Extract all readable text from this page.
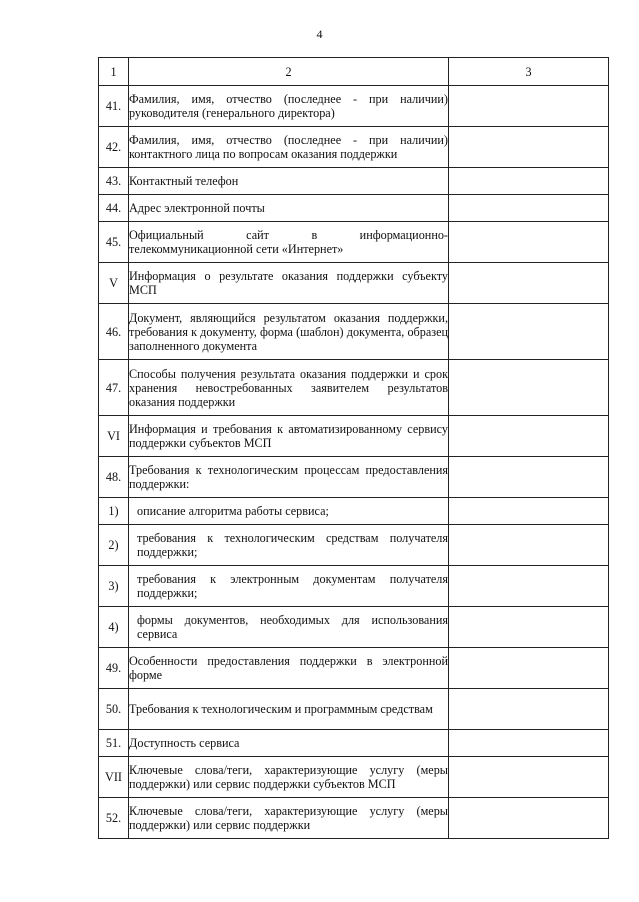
4
1	2	3
41.	Фамилия, имя, отчество (последнее - при наличии) руководителя (генерального директора)	
42.	Фамилия, имя, отчество (последнее - при наличии) контактного лица по вопросам оказания поддержки	
43.	Контактный телефон	
44.	Адрес электронной почты	
45.	Официальный сайт в информационно-телекоммуникационной сети «Интернет»	
V	Информация о результате оказания поддержки субъекту МСП	
46.	Документ, являющийся результатом оказания поддержки, требования к документу, форма (шаблон) документа, образец заполненного документа	
47.	Способы получения результата оказания поддержки и срок хранения невостребованных заявителем результатов оказания поддержки	
VI	Информация и требования к автоматизированному сервису поддержки субъектов МСП	
48.	Требования к технологическим процессам предоставления поддержки:	
1)	описание алгоритма работы сервиса;	
2)	требования к технологическим средствам получателя поддержки;	
3)	требования к электронным документам получателя поддержки;	
4)	формы документов, необходимых для использования сервиса	
49.	Особенности предоставления поддержки в электронной форме	
50.	Требования к технологическим и программным средствам	
51.	Доступность сервиса	
VII	Ключевые слова/теги, характеризующие услугу (меры поддержки) или сервис поддержки субъектов МСП	
52.	Ключевые слова/теги, характеризующие услугу (меры поддержки) или сервис поддержки	
